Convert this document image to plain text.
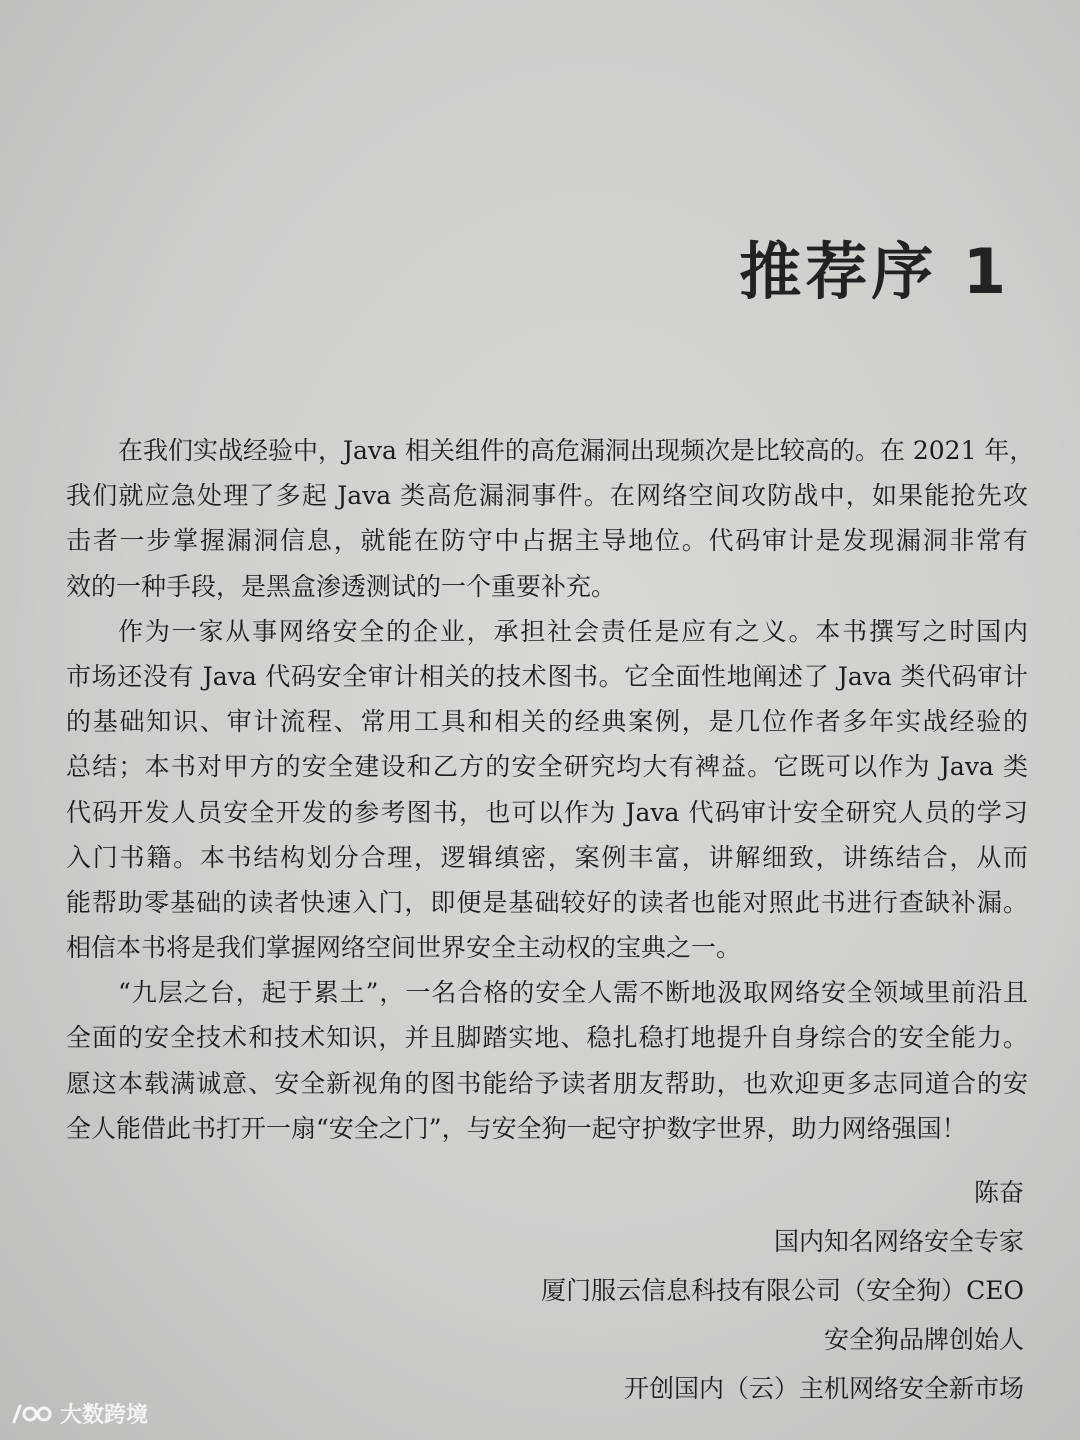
推荐序 1
在我们实战经验中，Java 相关组件的高危漏洞出现频次是比较高的。在 2021 年，
我们就应急处理了多起 Java 类高危漏洞事件。在网络空间攻防战中，如果能抢先攻
击者一步掌握漏洞信息，就能在防守中占据主导地位。代码审计是发现漏洞非常有
效的一种手段，是黑盒渗透测试的一个重要补充。
作为一家从事网络安全的企业，承担社会责任是应有之义。本书撰写之时国内
市场还没有 Java 代码安全审计相关的技术图书。它全面性地阐述了 Java 类代码审计
的基础知识、审计流程、常用工具和相关的经典案例，是几位作者多年实战经验的
总结；本书对甲方的安全建设和乙方的安全研究均大有裨益。它既可以作为 Java 类
代码开发人员安全开发的参考图书，也可以作为 Java 代码审计安全研究人员的学习
入门书籍。本书结构划分合理，逻辑缜密，案例丰富，讲解细致，讲练结合，从而
能帮助零基础的读者快速入门，即便是基础较好的读者也能对照此书进行查缺补漏。
相信本书将是我们掌握网络空间世界安全主动权的宝典之一。
“九层之台，起于累土”，一名合格的安全人需不断地汲取网络安全领域里前沿且
全面的安全技术和技术知识，并且脚踏实地、稳扎稳打地提升自身综合的安全能力。
愿这本载满诚意、安全新视角的图书能给予读者朋友帮助，也欢迎更多志同道合的安
全人能借此书打开一扇“安全之门”，与安全狗一起守护数字世界，助力网络强国！
陈奋
国内知名网络安全专家
厦门服云信息科技有限公司（安全狗）CEO
安全狗品牌创始人
开创国内（云）主机网络安全新市场
大数跨境
